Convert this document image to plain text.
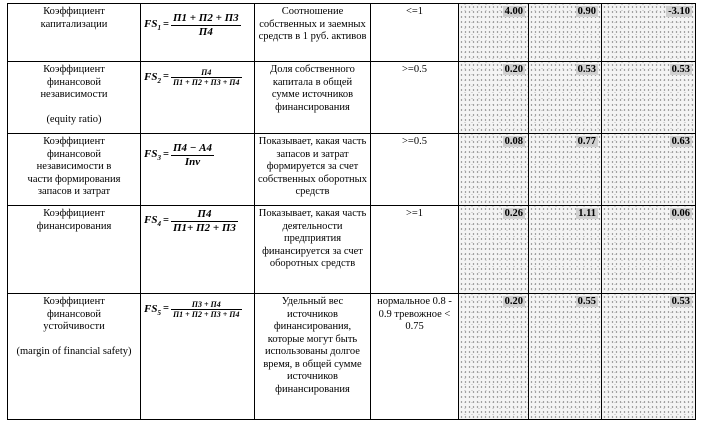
Коэффициент
капитализации	$FS_1 = \frac{П1 + П2 + П3}{П4}$	Соотношение собственных и заемных средств в 1 руб. активов	<=1	4.00	0.90	-3.10

Коэффициент
финансовой
независимости
(equity ratio)	$FS_2 = \frac{П4}{П1 + П2 + П3 + П4}$	Доля собственного капитала в общей сумме источников финансирования	>=0.5	0.20	0.53	0.53

Коэффициент
финансовой
независимости в
части формирования
запасов и затрат	$FS_3 = \frac{П4 - А4}{\text{Inv}}$	Показывает, какая часть запасов и затрат формируется за счет собственных оборотных средств	>=0.5	0.08	0.77	0.63

Коэффициент
финансирования	$FS_4 = \frac{П4}{П1+ П2 + П3}$	Показывает, какая часть деятельности предприятия финансируется за счет оборотных средств	>=1	0.26	1.11	0.06

Коэффициент
финансовой
устойчивости
(margin of financial safety)	$FS_5 = \frac{П3 + П4}{П1 + П2 + П3 + П4}$	Удельный вес источников финансирования, которые могут быть использованы долгое время, в общей сумме источников финансирования	нормальное 0.8 - 0.9 тревожное < 0.75	0.20	0.55	0.53
